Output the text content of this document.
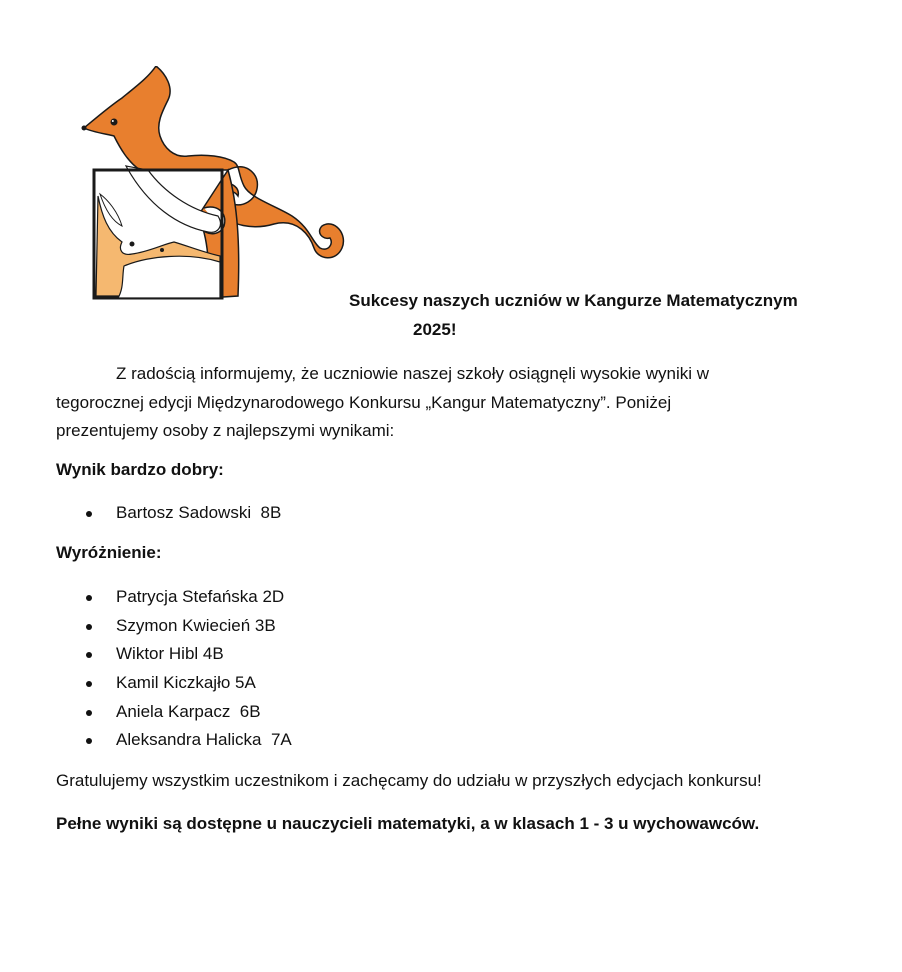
Sukcesy naszych uczniów w Kangurze Matematycznym
2025!

Z radością informujemy, że uczniowie naszej szkoły osiągnęli wysokie wyniki w
tegorocznej edycji Międzynarodowego Konkursu „Kangur Matematyczny”. Poniżej
prezentujemy osoby z najlepszymi wynikami:

Wynik bardzo dobry:

Bartosz Sadowski  8B

Wyróżnienie:

Patrycja Stefańska 2D
Szymon Kwiecień 3B
Wiktor Hibl 4B
Kamil Kiczkajło 5A
Aniela Karpacz  6B
Aleksandra Halicka  7A

Gratulujemy wszystkim uczestnikom i zachęcamy do udziału w przyszłych edycjach konkursu!

Pełne wyniki są dostępne u nauczycieli matematyki, a w klasach 1 - 3 u wychowawców.
